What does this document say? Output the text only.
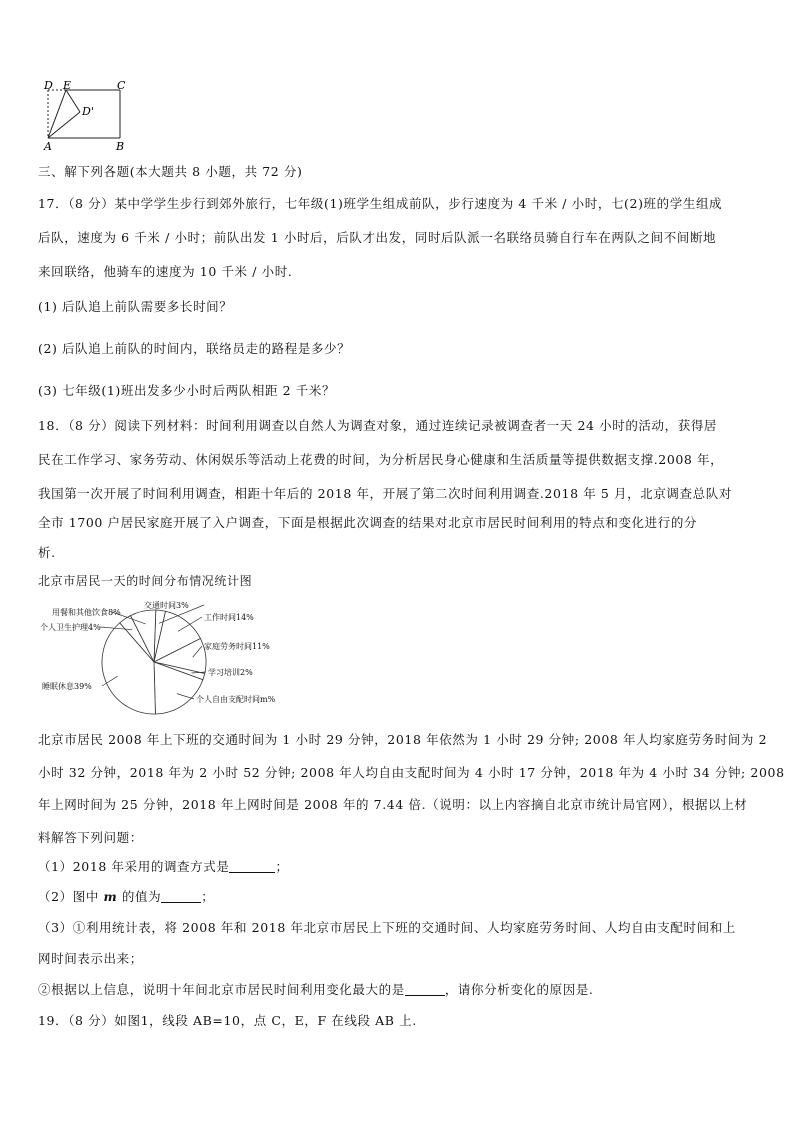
D E	C
D'
A	B
三、解下列各题(本大题共 8 小题，共 72 分)
17．（8 分）某中学学生步行到郊外旅行，七年级(1)班学生组成前队，步行速度为 4 千米 / 小时，七(2)班的学生组成
后队，速度为 6 千米 / 小时；前队出发 1 小时后，后队才出发，同时后队派一名联络员骑自行车在两队之间不间断地
来回联络，他骑车的速度为 10 千米 / 小时.
(1) 后队追上前队需要多长时间？
(2) 后队追上前队的时间内，联络员走的路程是多少？
(3) 七年级(1)班出发多少小时后两队相距 2 千米？
18．（8 分）阅读下列材料：时间利用调查以自然人为调查对象，通过连续记录被调查者一天 24 小时的活动，获得居
民在工作学习、家务劳动、休闲娱乐等活动上花费的时间，为分析居民身心健康和生活质量等提供数据支撑.2008 年，
我国第一次开展了时间利用调查，相距十年后的 2018 年，开展了第二次时间利用调查.2018 年 5 月，北京调查总队对
全市 1700 户居民家庭开展了入户调查，下面是根据此次调查的结果对北京市居民时间利用的特点和变化进行的分
析.
北京市居民一天的时间分布情况统计图
交通时间3%
工作时间14%
家庭劳务时间11%
学习培训2%
个人自由支配时间m%
睡眠休息39%
个人卫生护理4%
用餐和其他饮食8%
北京市居民 2008 年上下班的交通时间为 1 小时 29 分钟，2018 年依然为 1 小时 29 分钟; 2008 年人均家庭劳务时间为 2
小时 32 分钟，2018 年为 2 小时 52 分钟; 2008 年人均自由支配时间为 4 小时 17 分钟，2018 年为 4 小时 34 分钟; 2008
年上网时间为 25 分钟，2018 年上网时间是 2008 年的 7.44 倍.（说明：以上内容摘自北京市统计局官网），根据以上材
料解答下列问题：
（1）2018 年采用的调查方式是	；
（2）图中 m 的值为	；
（3）①利用统计表，将 2008 年和 2018 年北京市居民上下班的交通时间、人均家庭劳务时间、人均自由支配时间和上
网时间表示出来；
②根据以上信息，说明十年间北京市居民时间利用变化最大的是	，请你分析变化的原因是.
19．（8 分）如图1，线段 AB=10，点 C，E，F 在线段 AB 上.
